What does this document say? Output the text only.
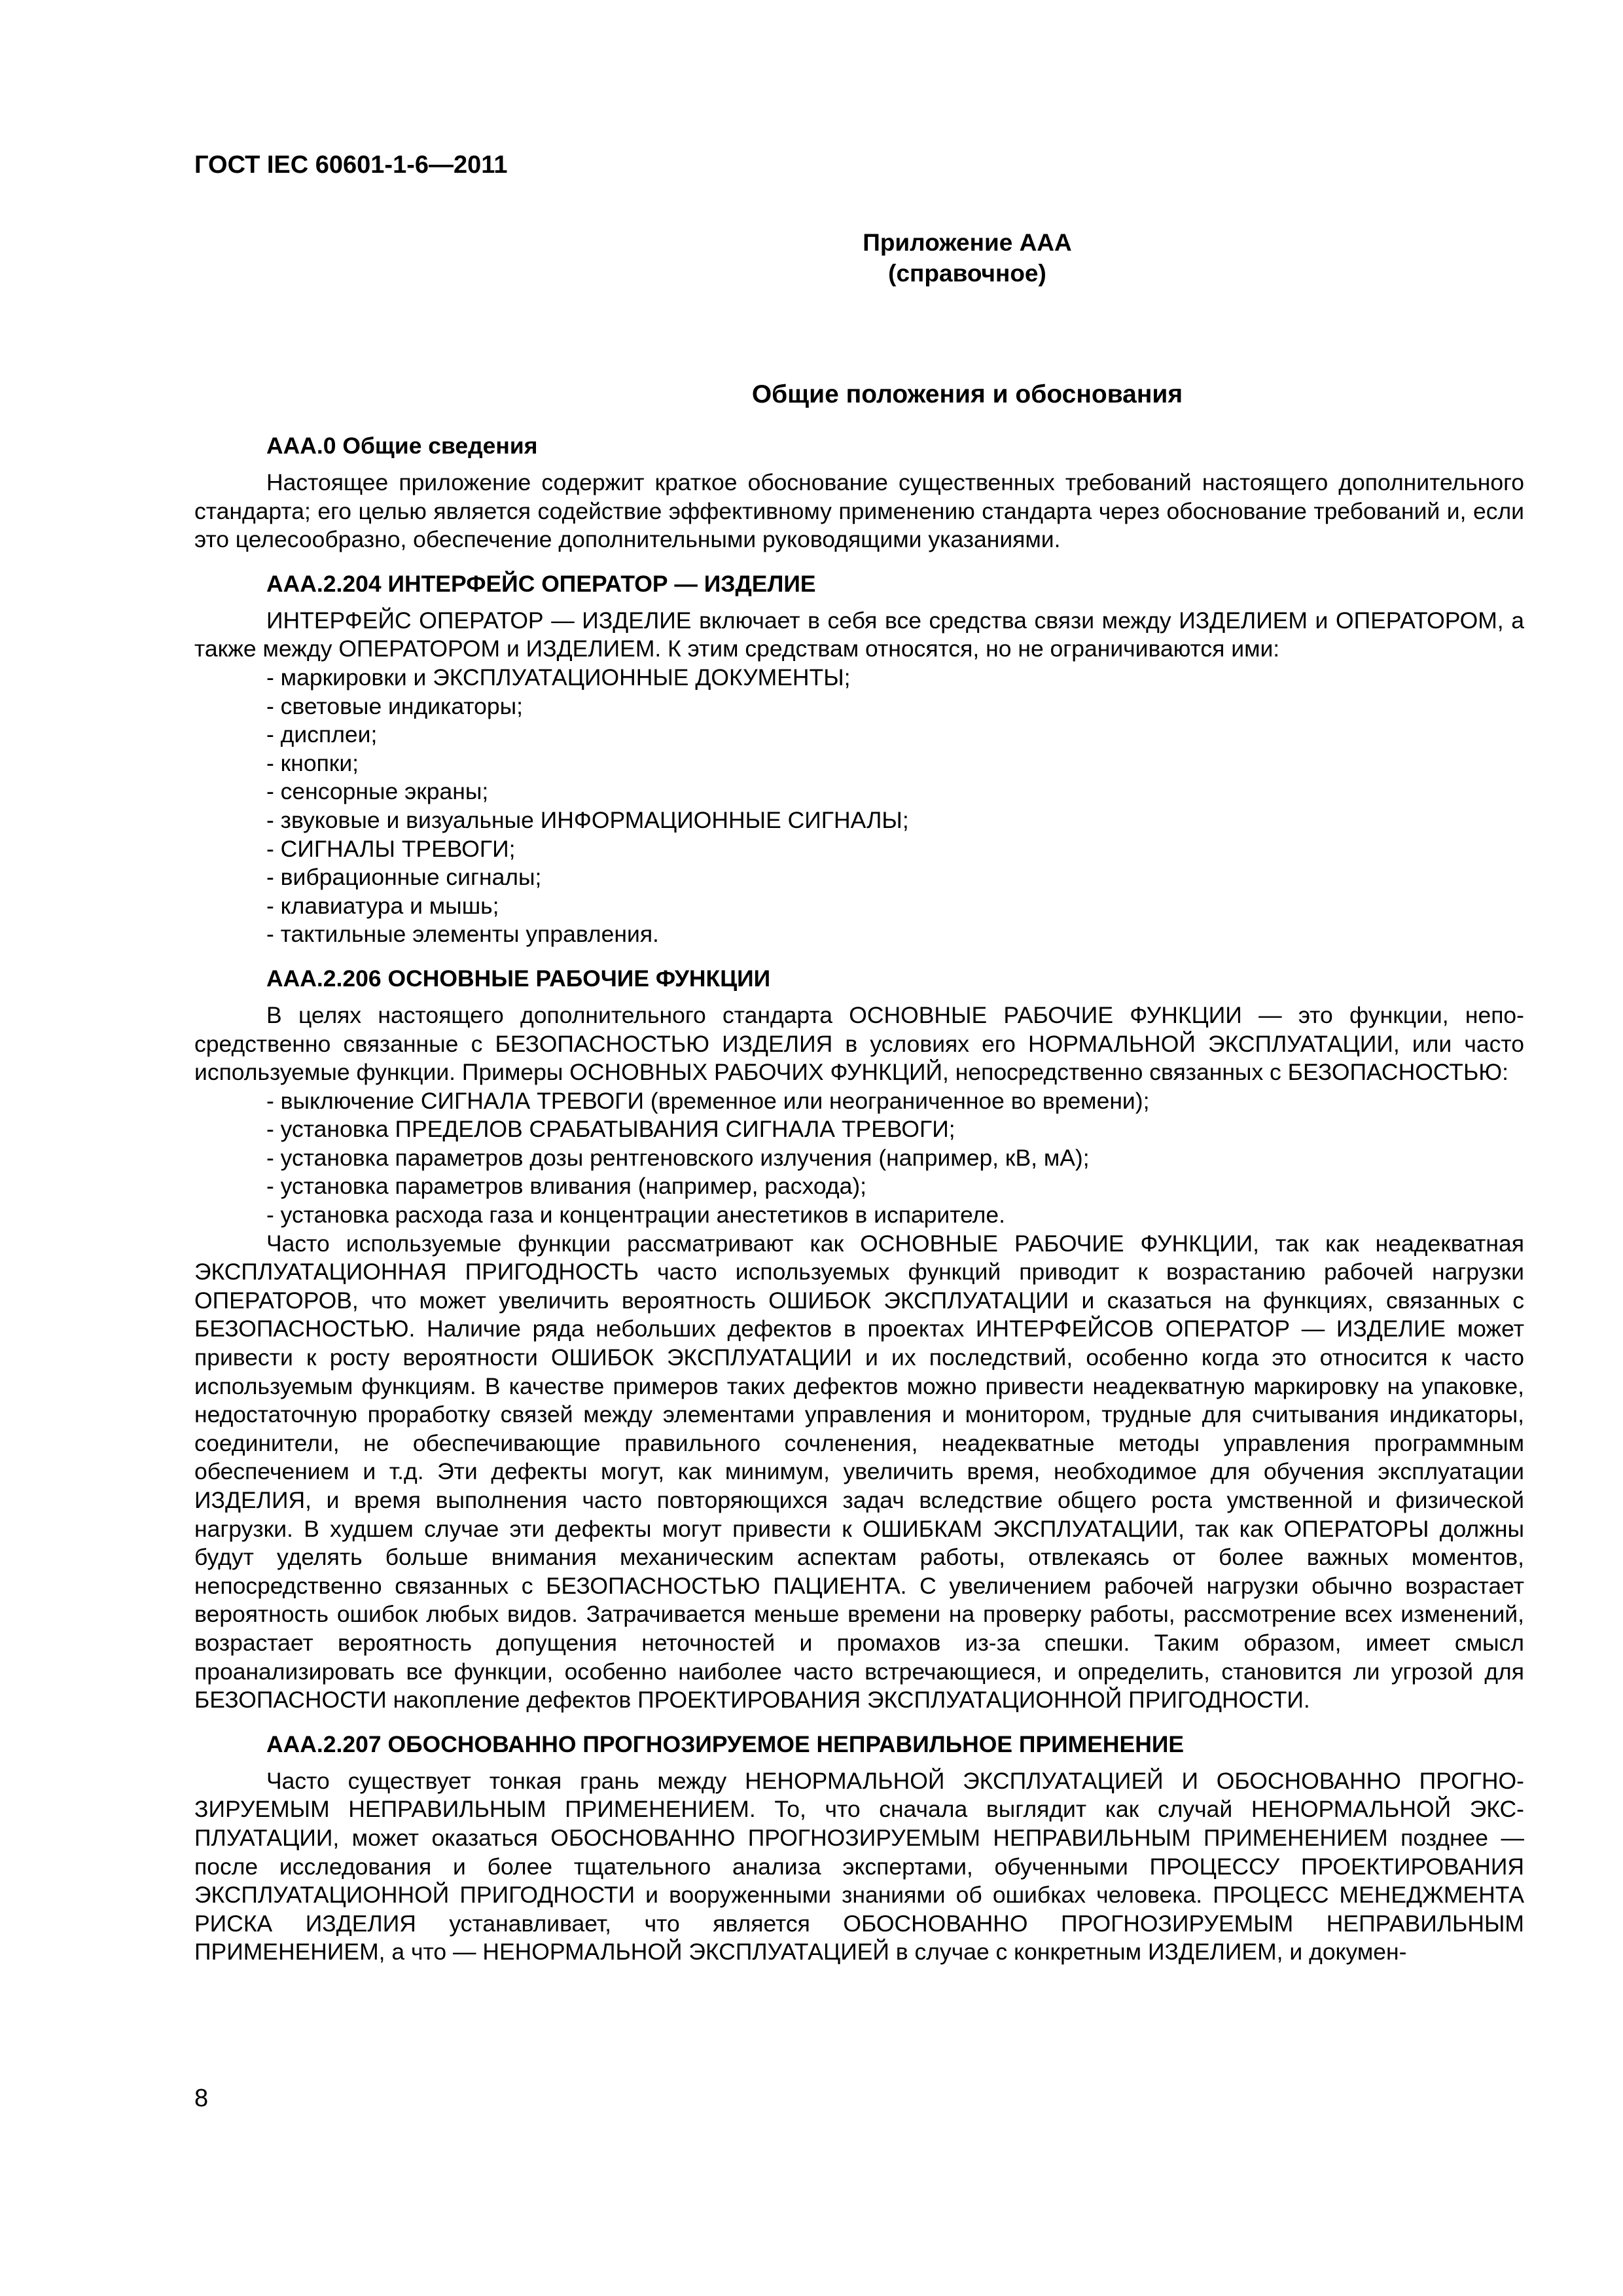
ГОСТ IEC 60601-1-6—2011
Приложение ААА
(справочное)
Общие положения и обоснования

ААА.0 Общие сведения

Настоящее приложение содержит краткое обоснование существенных требований настоящего дополнительного стандарта; его целью является содействие эффективному применению стандарта через обоснование требований и, если это целесообразно, обеспечение дополнительными руководящими указаниями.

ААА.2.204 ИНТЕРФЕЙС ОПЕРАТОР — ИЗДЕЛИЕ

ИНТЕРФЕЙС ОПЕРАТОР — ИЗДЕЛИЕ включает в себя все средства связи между ИЗДЕЛИЕМ и ОПЕРАТОРОМ, а также между ОПЕРАТОРОМ и ИЗДЕЛИЕМ. К этим средствам относятся, но не ограничиваются ими:

- маркировки и ЭКСПЛУАТАЦИОННЫЕ ДОКУМЕНТЫ;
- световые индикаторы;
- дисплеи;
- кнопки;
- сенсорные экраны;
- звуковые и визуальные ИНФОРМАЦИОННЫЕ СИГНАЛЫ;
- СИГНАЛЫ ТРЕВОГИ;
- вибрационные сигналы;
- клавиатура и мышь;
- тактильные элементы управления.

ААА.2.206 ОСНОВНЫЕ РАБОЧИЕ ФУНКЦИИ

В целях настоящего дополнительного стандарта ОСНОВНЫЕ РАБОЧИЕ ФУНКЦИИ — это функции, непосредственно связанные с БЕЗОПАСНОСТЬЮ ИЗДЕЛИЯ в условиях его НОРМАЛЬНОЙ ЭКСПЛУАТАЦИИ, или часто используемые функции. Примеры ОСНОВНЫХ РАБОЧИХ ФУНКЦИЙ, непосредственно связанных с БЕЗОПАСНОСТЬЮ:

- выключение СИГНАЛА ТРЕВОГИ (временное или неограниченное во времени);
- установка ПРЕДЕЛОВ СРАБАТЫВАНИЯ СИГНАЛА ТРЕВОГИ;
- установка параметров дозы рентгеновского излучения (например, кВ, мА);
- установка параметров вливания (например, расхода);
- установка расхода газа и концентрации анестетиков в испарителе.

Часто используемые функции рассматривают как ОСНОВНЫЕ РАБОЧИЕ ФУНКЦИИ, так как неадекватная ЭКСПЛУАТАЦИОННАЯ ПРИГОДНОСТЬ часто используемых функций приводит к возрастанию рабочей нагрузки ОПЕРАТОРОВ, что может увеличить вероятность ОШИБОК ЭКСПЛУАТАЦИИ и сказаться на функциях, связанных с БЕЗОПАСНОСТЬЮ. Наличие ряда небольших дефектов в проектах ИНТЕРФЕЙСОВ ОПЕРАТОР — ИЗДЕЛИЕ может привести к росту вероятности ОШИБОК ЭКСПЛУАТАЦИИ и их последствий, особенно когда это относится к часто используемым функциям. В качестве примеров таких дефектов можно привести неадекватную маркировку на упаковке, недостаточную проработку связей между элементами управления и монитором, трудные для считывания индикаторы, соединители, не обеспечивающие правильного сочленения, неадекватные методы управления программным обеспечением и т.д. Эти дефекты могут, как минимум, увеличить время, необходимое для обучения эксплуатации ИЗДЕЛИЯ, и время выполнения часто повторяющихся задач вследствие общего роста умственной и физической нагрузки. В худшем случае эти дефекты могут привести к ОШИБКАМ ЭКСПЛУАТАЦИИ, так как ОПЕРАТОРЫ должны будут уделять больше внимания механическим аспектам работы, отвлекаясь от более важных моментов, непосредственно связанных с БЕЗОПАСНОСТЬЮ ПАЦИЕНТА. С увеличением рабочей нагрузки обычно возрастает вероятность ошибок любых видов. Затрачивается меньше времени на проверку работы, рассмотрение всех изменений, возрастает вероятность допущения неточностей и промахов из-за спешки. Таким образом, имеет смысл проанализировать все функции, особенно наиболее часто встречающиеся, и определить, становится ли угрозой для БЕЗОПАСНОСТИ накопление дефектов ПРОЕКТИРОВАНИЯ ЭКСПЛУАТАЦИОННОЙ ПРИГОДНОСТИ.

ААА.2.207 ОБОСНОВАННО ПРОГНОЗИРУЕМОЕ НЕПРАВИЛЬНОЕ ПРИМЕНЕНИЕ

Часто существует тонкая грань между НЕНОРМАЛЬНОЙ ЭКСПЛУАТАЦИЕЙ И ОБОСНОВАННО ПРОГНОЗИРУЕМЫМ НЕПРАВИЛЬНЫМ ПРИМЕНЕНИЕМ. То, что сначала выглядит как случай НЕНОРМАЛЬНОЙ ЭКСПЛУАТАЦИИ, может оказаться ОБОСНОВАННО ПРОГНОЗИРУЕМЫМ НЕПРАВИЛЬНЫМ ПРИМЕНЕНИЕМ позднее — после исследования и более тщательного анализа экспертами, обученными ПРОЦЕССУ ПРОЕКТИРОВАНИЯ ЭКСПЛУАТАЦИОННОЙ ПРИГОДНОСТИ и вооруженными знаниями об ошибках человека. ПРОЦЕСС МЕНЕДЖМЕНТА РИСКА ИЗДЕЛИЯ устанавливает, что является ОБОСНОВАННО ПРОГНОЗИРУЕМЫМ НЕПРАВИЛЬНЫМ ПРИМЕНЕНИЕМ, а что — НЕНОРМАЛЬНОЙ ЭКСПЛУАТАЦИЕЙ в случае с конкретным ИЗДЕЛИЕМ, и докумен-

8
